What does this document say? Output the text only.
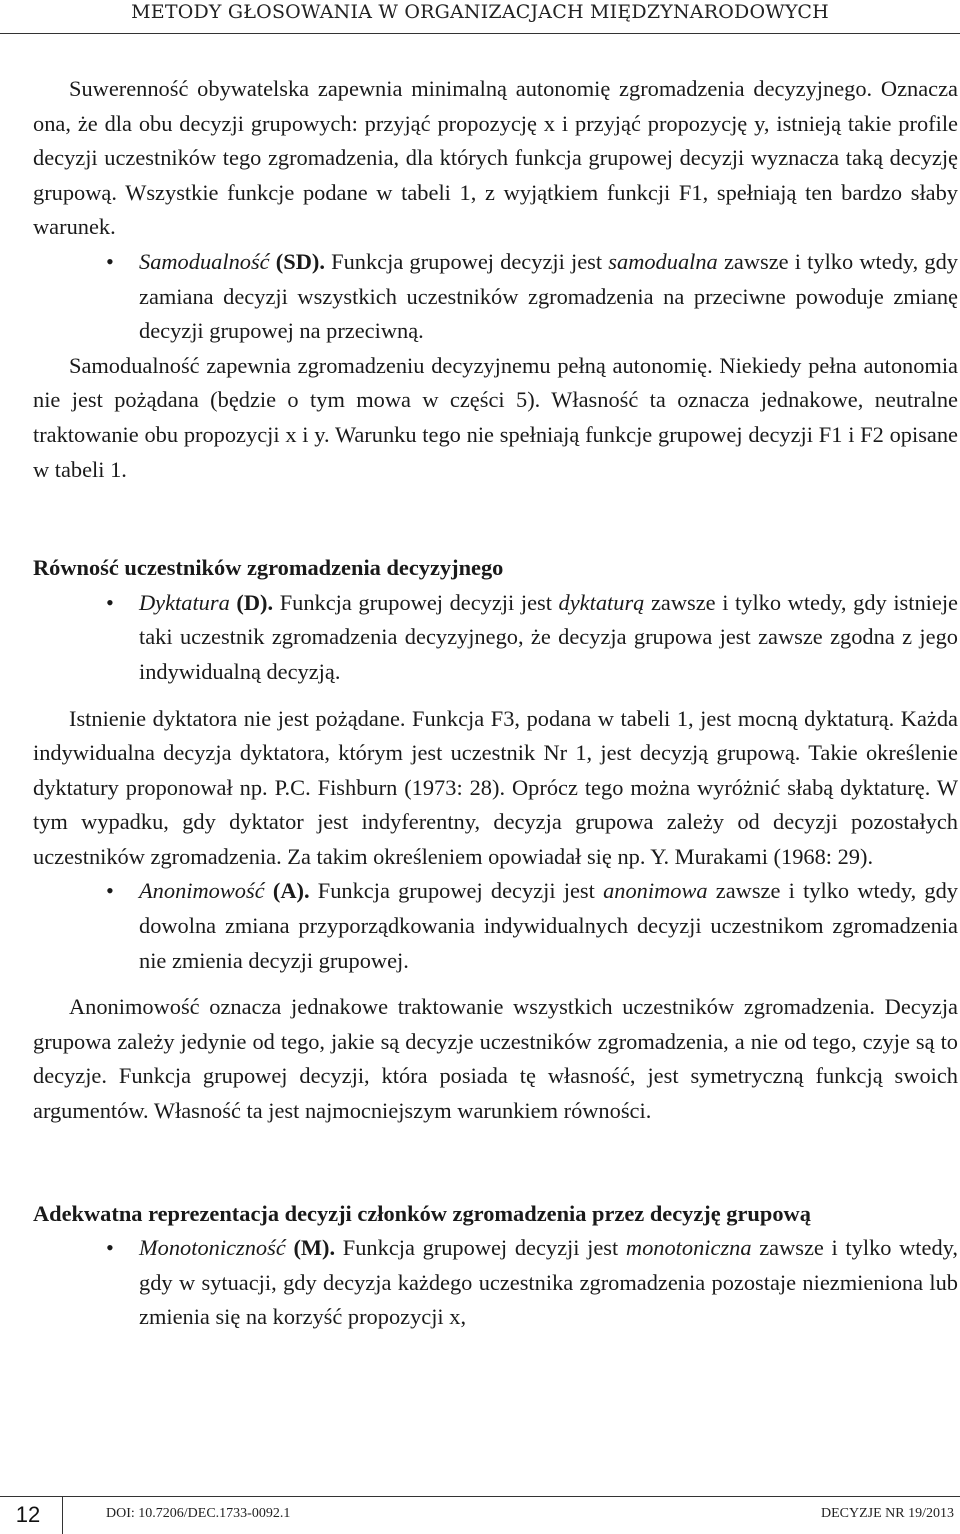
METODY GŁOSOWANIA W ORGANIZACJACH MIĘDZYNARODOWYCH

Suwerenność obywatelska zapewnia minimalną autonomię zgromadzenia decyzyjnego. Oznacza ona, że dla obu decyzji grupowych: przyjąć propozycję x i przyjąć propozycję y, istnieją takie profile decyzji uczestników tego zgromadzenia, dla których funkcja grupowej decyzji wyznacza taką decyzję grupową. Wszystkie funkcje podane w tabeli 1, z wyjątkiem funkcji F1, spełniają ten bardzo słaby warunek.

• Samodualność (SD). Funkcja grupowej decyzji jest samodualna zawsze i tylko wtedy, gdy zamiana decyzji wszystkich uczestników zgromadzenia na przeciwne powoduje zmianę decyzji grupowej na przeciwną.

Samodualność zapewnia zgromadzeniu decyzyjnemu pełną autonomię. Niekiedy pełna autonomia nie jest pożądana (będzie o tym mowa w części 5). Własność ta oznacza jednakowe, neutralne traktowanie obu propozycji x i y. Warunku tego nie spełniają funkcje grupowej decyzji F1 i F2 opisane w tabeli 1.

Równość uczestników zgromadzenia decyzyjnego

• Dyktatura (D). Funkcja grupowej decyzji jest dyktaturą zawsze i tylko wtedy, gdy istnieje taki uczestnik zgromadzenia decyzyjnego, że decyzja grupowa jest zawsze zgodna z jego indywidualną decyzją.

Istnienie dyktatora nie jest pożądane. Funkcja F3, podana w tabeli 1, jest mocną dyktaturą. Każda indywidualna decyzja dyktatora, którym jest uczestnik Nr 1, jest decyzją grupową. Takie określenie dyktatury proponował np. P.C. Fishburn (1973: 28). Oprócz tego można wyróżnić słabą dyktaturę. W tym wypadku, gdy dyktator jest indyferentny, decyzja grupowa zależy od decyzji pozostałych uczestników zgromadzenia. Za takim określeniem opowiadał się np. Y. Murakami (1968: 29).

• Anonimowość (A). Funkcja grupowej decyzji jest anonimowa zawsze i tylko wtedy, gdy dowolna zmiana przyporządkowania indywidualnych decyzji uczestnikom zgromadzenia nie zmienia decyzji grupowej.

Anonimowość oznacza jednakowe traktowanie wszystkich uczestników zgromadzenia. Decyzja grupowa zależy jedynie od tego, jakie są decyzje uczestników zgromadzenia, a nie od tego, czyje są to decyzje. Funkcja grupowej decyzji, która posiada tę własność, jest symetryczną funkcją swoich argumentów. Własność ta jest najmocniejszym warunkiem równości.

Adekwatna reprezentacja decyzji członków zgromadzenia przez decyzję grupową

• Monotoniczność (M). Funkcja grupowej decyzji jest monotoniczna zawsze i tylko wtedy, gdy w sytuacji, gdy decyzja każdego uczestnika zgromadzenia pozostaje niezmieniona lub zmienia się na korzyść propozycji x,
12	DOI: 10.7206/DEC.1733-0092.1	DECYZJE NR 19/2013
